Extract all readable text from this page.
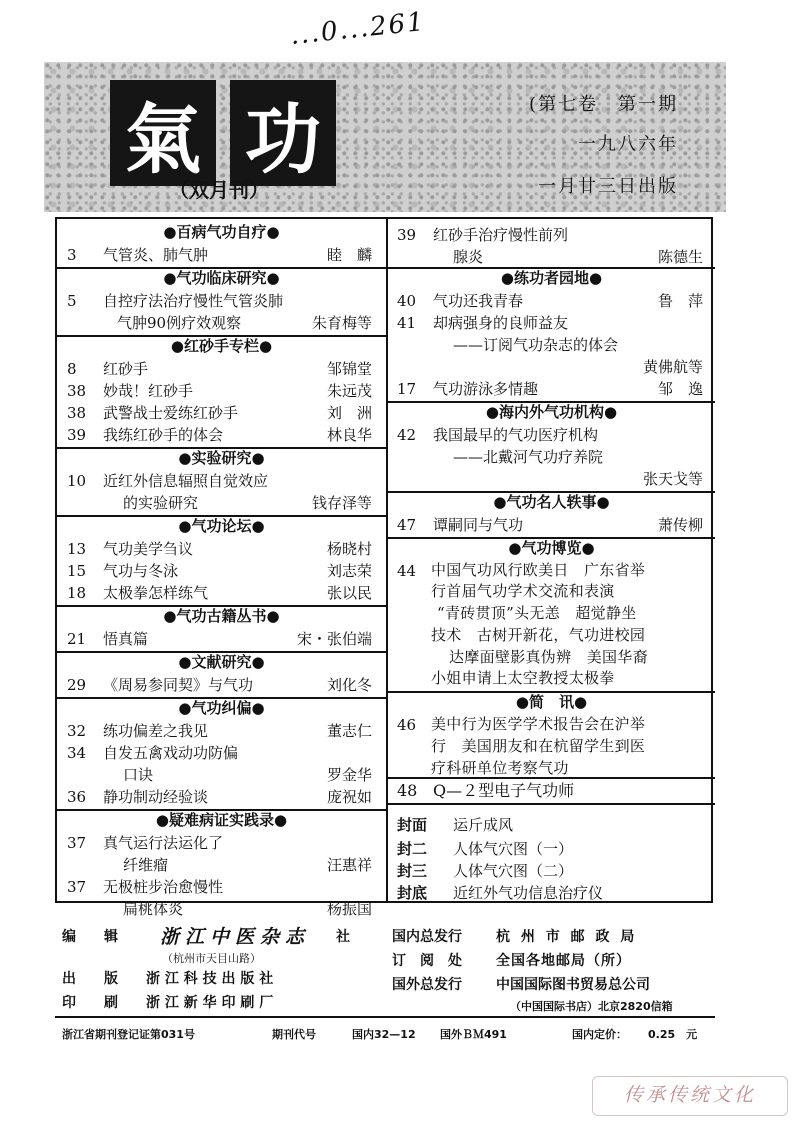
...0...261
氣 功
（双月刊）
(第七卷　第一期
一九八六年
一月廿三日出版
●百病气功自疗●
3	气管炎、肺气肿	睦　麟
●气功临床研究●
5	自控疗法治疗慢性气管炎肺
气肿90例疗效观察	朱育梅等
●红砂手专栏●
8	红砂手	邹锦堂
38	妙哉！红砂手	朱远茂
38	武警战士爱练红砂手	刘　洲
39	我练红砂手的体会	林良华
●实验研究●
10	近红外信息辐照自觉效应
的实验研究	钱存泽等
●气功论坛●
13	气功美学刍议	杨晓村
15	气功与冬泳	刘志荣
18	太极拳怎样练气	张以民
●气功古籍丛书●
21	悟真篇	宋・张伯端
●文献研究●
29	《周易参同契》与气功	刘化冬
●气功纠偏●
32	练功偏差之我见	董志仁
34	自发五禽戏动功防偏
口诀	罗金华
36	静功制动经验谈	庞祝如
●疑难病证实践录●
37	真气运行法运化了
纤维瘤	汪惠祥
37	无极桩步治愈慢性
扁桃体炎	杨振国
39	红砂手治疗慢性前列
腺炎	陈德生
●练功者园地●
40	气功还我青春	鲁　萍
41	却病强身的良师益友
——订阅气功杂志的体会
黄佛航等
17	气功游泳多情趣	邹　逸
●海内外气功机构●
42	我国最早的气功医疗机构
——北戴河气功疗养院
张天戈等
●气功名人轶事●
47	谭嗣同与气功	萧传柳
●气功博览●
44 中国气功风行欧美日　广东省举
行首届气功学术交流和表演
“青砖贯顶”头无恙　超觉静坐
技术　古树开新花，气功进校园
达摩面壁影真伪辨　美国华裔
小姐申请上太空教授太极拳
●简　讯●
46 美中行为医学学术报告会在沪举
行　美国朋友和在杭留学生到医
疗科研单位考察气功
48 Q—２型电子气功师
封面 运斤成风
封二 人体气穴图（一）
封三 人体气穴图（二）
封底 近红外气功信息治疗仪
编　　辑 浙江中医杂志 社
（杭州市天目山路）
出　　版 浙 江 科 技 出 版 社
印　　刷 浙 江 新 华 印 刷 厂
国内总发行 杭 州 市 邮 政 局
订　阅　处 全国各地邮局（所）
国外总发行 中国国际图书贸易总公司
（中国国际书店）北京2820信箱
浙江省期刊登记证第031号	期刊代号	国内32—12 国外ＢＭ491	国内定价： 0.25　元
传承传统文化
